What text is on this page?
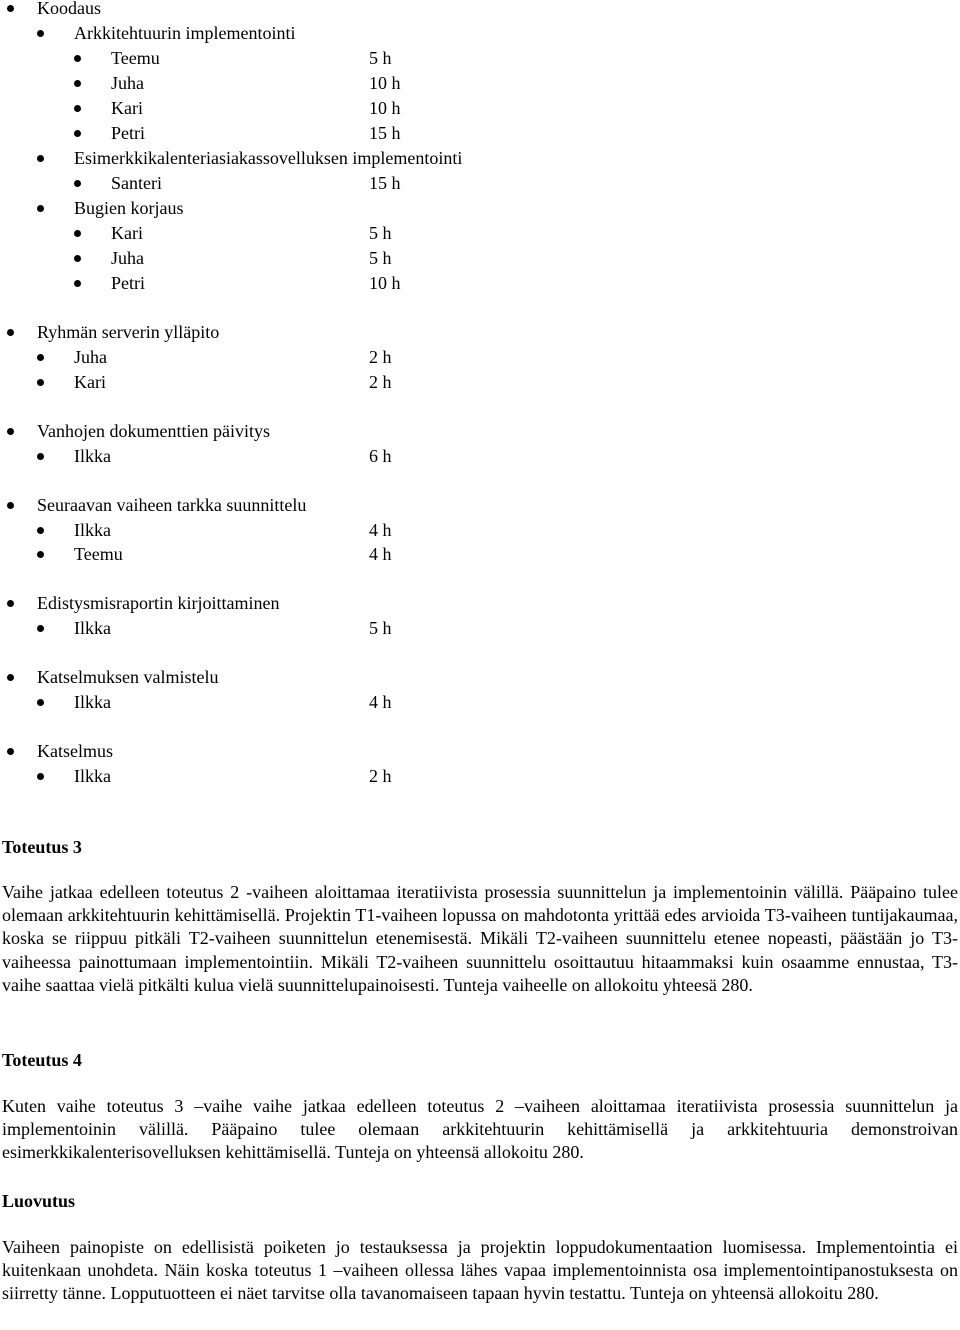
Koodaus
Arkkitehtuurin implementointi
Teemu	5 h
Juha	10 h
Kari	10 h
Petri	15 h
Esimerkkikalenteriasiakassovelluksen implementointi
Santeri	15 h
Bugien korjaus
Kari	5 h
Juha	5 h
Petri	10 h
Ryhmän serverin ylläpito
Juha	2 h
Kari	2 h
Vanhojen dokumenttien päivitys
Ilkka	6 h
Seuraavan vaiheen tarkka suunnittelu
Ilkka	4 h
Teemu	4 h
Edistysmisraportin kirjoittaminen
Ilkka	5 h
Katselmuksen valmistelu
Ilkka	4 h
Katselmus
Ilkka	2 h
Toteutus 3

Vaihe jatkaa edelleen toteutus 2 -vaiheen aloittamaa iteratiivista prosessia suunnittelun ja implementoinin välillä. Pääpaino tulee olemaan arkkitehtuurin kehittämisellä. Projektin T1-vaiheen lopussa on mahdotonta yrittää edes arvioida T3-vaiheen tuntijakaumaa, koska se riippuu pitkäli T2-vaiheen suunnittelun etenemisestä. Mikäli T2-vaiheen suunnittelu etenee nopeasti, päästään jo T3-vaiheessa painottumaan implementointiin. Mikäli T2-vaiheen suunnittelu osoittautuu hitaammaksi kuin osaamme ennustaa, T3-vaihe saattaa vielä pitkälti kulua vielä suunnittelupainoisesti. Tunteja vaiheelle on allokoitu yhteesä 280.

Toteutus 4

Kuten vaihe toteutus 3 –vaihe vaihe jatkaa edelleen toteutus 2 –vaiheen aloittamaa iteratiivista prosessia suunnittelun ja implementoinin välillä. Pääpaino tulee olemaan arkkitehtuurin kehittämisellä ja arkkitehtuuria demonstroivan esimerkkikalenterisovelluksen kehittämisellä. Tunteja on yhteensä allokoitu 280.

Luovutus

Vaiheen painopiste on edellisistä poiketen jo testauksessa ja projektin loppudokumentaation luomisessa. Implementointia ei kuitenkaan unohdeta. Näin koska toteutus 1 –vaiheen ollessa lähes vapaa implementoinnista osa implementointipanostuksesta on siirretty tänne. Lopputuotteen ei näet tarvitse olla tavanomaiseen tapaan hyvin testattu. Tunteja on yhteensä allokoitu 280.
